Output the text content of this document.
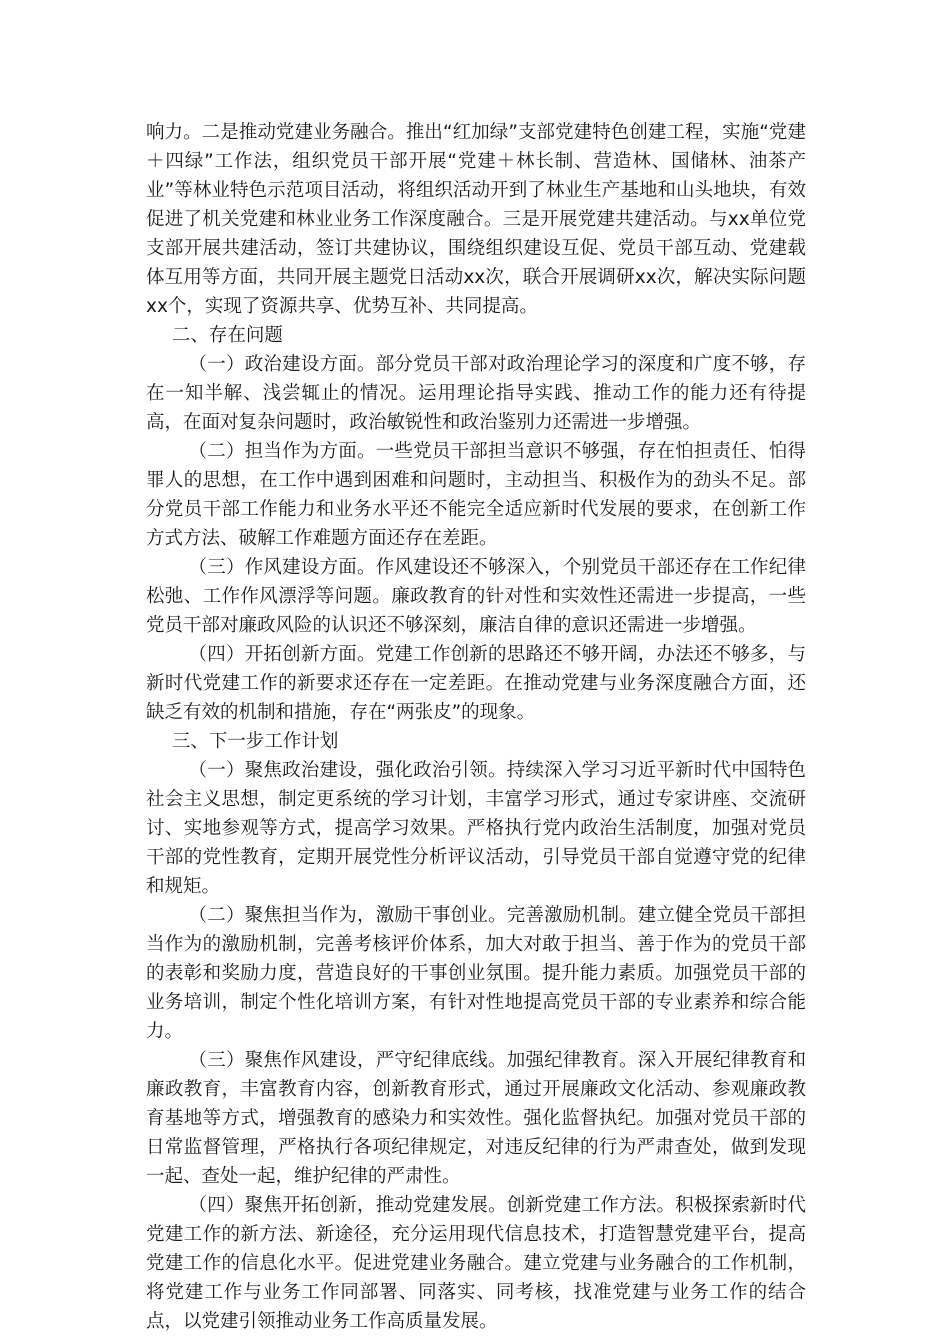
响力。二是推动党建业务融合。推出“红加绿”支部党建特色创建工程，实施“党建＋四绿”工作法，组织党员干部开展“党建＋林长制、营造林、国储林、油茶产业”等林业特色示范项目活动，将组织活动开到了林业生产基地和山头地块，有效促进了机关党建和林业业务工作深度融合。三是开展党建共建活动。与xx单位党支部开展共建活动，签订共建协议，围绕组织建设互促、党员干部互动、党建载体互用等方面，共同开展主题党日活动xx次，联合开展调研xx次，解决实际问题xx个，实现了资源共享、优势互补、共同提高。

二、存在问题

（一）政治建设方面。部分党员干部对政治理论学习的深度和广度不够，存在一知半解、浅尝辄止的情况。运用理论指导实践、推动工作的能力还有待提高，在面对复杂问题时，政治敏锐性和政治鉴别力还需进一步增强。

（二）担当作为方面。一些党员干部担当意识不够强，存在怕担责任、怕得罪人的思想，在工作中遇到困难和问题时，主动担当、积极作为的劲头不足。部分党员干部工作能力和业务水平还不能完全适应新时代发展的要求，在创新工作方式方法、破解工作难题方面还存在差距。

（三）作风建设方面。作风建设还不够深入，个别党员干部还存在工作纪律松弛、工作作风漂浮等问题。廉政教育的针对性和实效性还需进一步提高，一些党员干部对廉政风险的认识还不够深刻，廉洁自律的意识还需进一步增强。

（四）开拓创新方面。党建工作创新的思路还不够开阔，办法还不够多，与新时代党建工作的新要求还存在一定差距。在推动党建与业务深度融合方面，还缺乏有效的机制和措施，存在“两张皮”的现象。

三、下一步工作计划

（一）聚焦政治建设，强化政治引领。持续深入学习习近平新时代中国特色社会主义思想，制定更系统的学习计划，丰富学习形式，通过专家讲座、交流研讨、实地参观等方式，提高学习效果。严格执行党内政治生活制度，加强对党员干部的党性教育，定期开展党性分析评议活动，引导党员干部自觉遵守党的纪律和规矩。

（二）聚焦担当作为，激励干事创业。完善激励机制。建立健全党员干部担当作为的激励机制，完善考核评价体系，加大对敢于担当、善于作为的党员干部的表彰和奖励力度，营造良好的干事创业氛围。提升能力素质。加强党员干部的业务培训，制定个性化培训方案，有针对性地提高党员干部的专业素养和综合能力。

（三）聚焦作风建设，严守纪律底线。加强纪律教育。深入开展纪律教育和廉政教育，丰富教育内容，创新教育形式，通过开展廉政文化活动、参观廉政教育基地等方式，增强教育的感染力和实效性。强化监督执纪。加强对党员干部的日常监督管理，严格执行各项纪律规定，对违反纪律的行为严肃查处，做到发现一起、查处一起，维护纪律的严肃性。

（四）聚焦开拓创新，推动党建发展。创新党建工作方法。积极探索新时代党建工作的新方法、新途径，充分运用现代信息技术，打造智慧党建平台，提高党建工作的信息化水平。促进党建业务融合。建立党建与业务融合的工作机制，将党建工作与业务工作同部署、同落实、同考核，找准党建与业务工作的结合点，以党建引领推动业务工作高质量发展。
